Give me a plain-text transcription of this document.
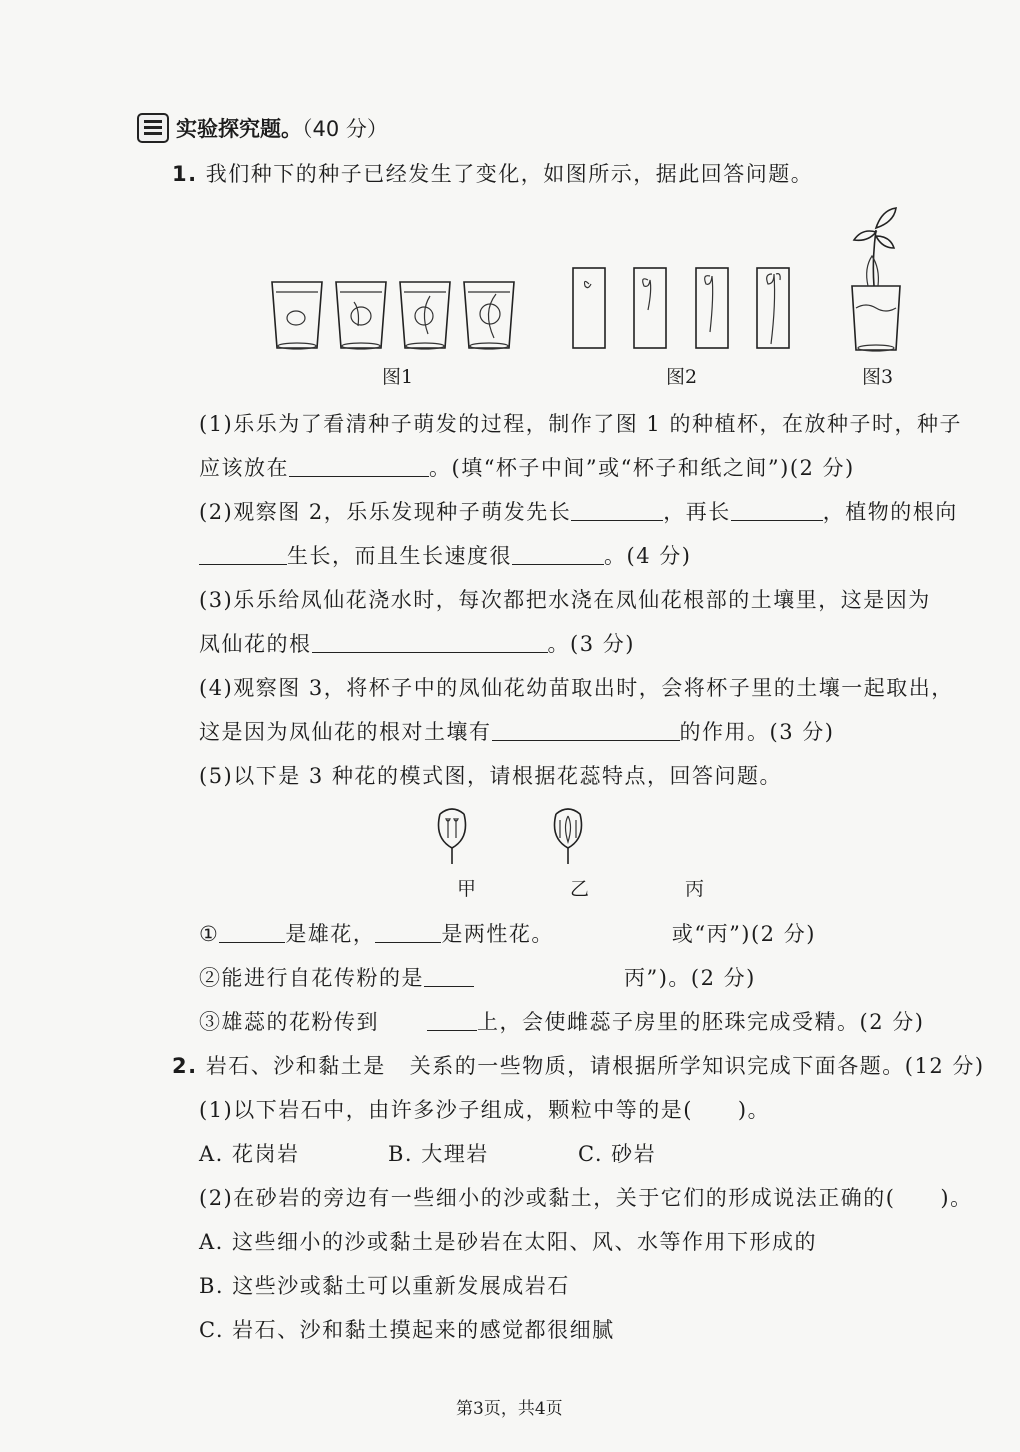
实验探究题。（40 分）
1. 我们种下的种子已经发生了变化，如图所示，据此回答问题。
图1	图2	图3
(1)乐乐为了看清种子萌发的过程，制作了图 1 的种植杯，在放种子时，种子
应该放在	。(填“杯子中间”或“杯子和纸之间”)(2 分)
(2)观察图 2，乐乐发现种子萌发先长	，再长	，植物的根向
生长，而且生长速度很	。(4 分)
(3)乐乐给凤仙花浇水时，每次都把水浇在凤仙花根部的土壤里，这是因为
凤仙花的根	。(3 分)
(4)观察图 3，将杯子中的凤仙花幼苗取出时，会将杯子里的土壤一起取出，
这是因为凤仙花的根对土壤有	的作用。(3 分)
(5)以下是 3 种花的模式图，请根据花蕊特点，回答问题。
甲	乙	丙
①	是雄花，	是两性花。	或“丙”)(2 分)
②能进行自花传粉的是	丙”)。(2 分)
③雄蕊的花粉传到	上，会使雌蕊子房里的胚珠完成受精。(2 分)
2. 岩石、沙和黏土是 关系的一些物质，请根据所学知识完成下面各题。(12 分)
(1)以下岩石中，由许多沙子组成，颗粒中等的是(　　)。
A. 花岗岩	B. 大理岩	C. 砂岩
(2)在砂岩的旁边有一些细小的沙或黏土，关于它们的形成说法正确的(　　)。
A. 这些细小的沙或黏土是砂岩在太阳、风、水等作用下形成的
B. 这些沙或黏土可以重新发展成岩石
C. 岩石、沙和黏土摸起来的感觉都很细腻
第3页，共4页
